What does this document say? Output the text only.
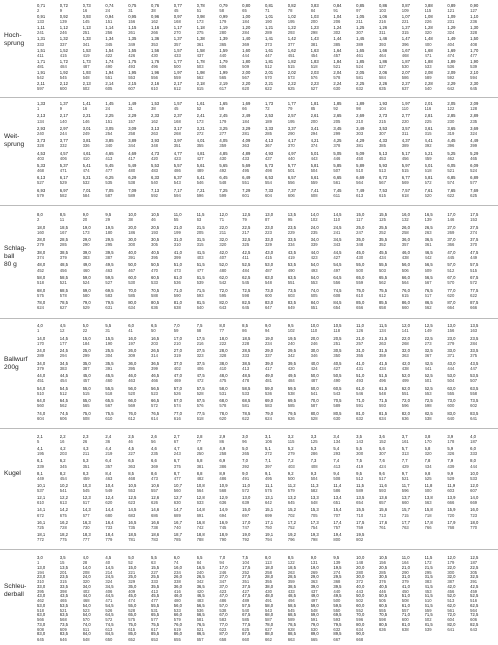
Hoch-
sprung
0,71	0,72	0,73	0,74	0,75	0,76	0,77	0,78	0,79	0,80	0,81	0,82	0,83	0,84	0,85	0,86	0,87	0,88	0,89	0,90
2	9	16	24	31	38	45	51	58	65	71	78	84	91	97	103	109	115	121	127
0,91	0,92	0,93	0,94	0,95	0,96	0,97	0,98	0,99	1,00	1,01	1,02	1,03	1,04	1,05	1,06	1,07	1,08	1,09	1,10
133	139	145	151	156	162	168	173	179	184	190	195	200	206	211	216	221	226	231	236
1,11	1,12	1,13	1,14	1,15	1,16	1,17	1,18	1,19	1,20	1,21	1,22	1,23	1,24	1,25	1,26	1,27	1,28	1,29	1,30
241	246	251	256	261	266	270	275	280	284	289	293	298	302	307	311	315	320	324	328
1,31	1,32	1,33	1,34	1,35	1,36	1,37	1,38	1,39	1,40	1,41	1,42	1,43	1,44	1,45	1,46	1,47	1,48	1,49	1,50
333	337	341	345	349	353	357	361	365	369	373	377	381	385	389	393	396	400	404	408
1,51	1,52	1,53	1,54	1,55	1,56	1,57	1,58	1,59	1,60	1,61	1,62	1,63	1,64	1,65	1,66	1,67	1,68	1,69	1,70
411	415	419	422	426	430	433	437	440	444	447	451	454	457	461	464	468	471	474	477
1,71	1,72	1,73	1,74	1,75	1,76	1,77	1,78	1,79	1,80	1,81	1,82	1,83	1,84	1,85	1,86	1,87	1,88	1,89	1,90
481	484	487	490	493	496	500	503	506	509	512	515	518	521	524	527	530	533	536	539
1,91	1,92	1,93	1,94	1,95	1,96	1,97	1,98	1,99	2,00	2,01	2,02	2,03	2,04	2,05	2,06	2,07	2,08	2,09	2,10
542	545	548	551	553	556	559	562	565	567	570	573	576	578	581	584	586	589	592	594
2,11	2,12	2,13	2,14	2,15	2,16	2,17	2,18	2,19	2,20	2,21	2,22	2,23	2,24	2,25	2,26	2,27	2,28	2,29	2,30
597	600	602	605	607	610	612	615	617	620	622	625	627	630	632	635	637	640	642	645
Weit-
sprung
1,33	1,37	1,41	1,45	1,49	1,53	1,57	1,61	1,65	1,69	1,73	1,77	1,81	1,85	1,89	1,93	1,97	2,01	2,05	2,09
1	9	16	24	31	38	45	52	59	66	72	79	85	92	98	104	110	116	122	128
2,13	2,17	2,21	2,25	2,29	2,33	2,37	2,41	2,45	2,49	2,53	2,57	2,61	2,65	2,69	2,73	2,77	2,81	2,85	2,89
134	140	146	151	157	162	168	173	179	184	189	195	200	205	210	215	220	225	230	235
2,93	2,97	3,01	3,05	3,09	3,13	3,17	3,21	3,25	3,29	3,33	3,37	3,41	3,45	3,49	3,53	3,57	3,61	3,65	3,69
240	244	249	254	258	263	268	272	277	281	285	290	294	299	303	307	311	315	319	324
3,73	3,77	3,81	3,85	3,89	3,93	3,97	4,01	4,05	4,09	4,13	4,17	4,21	4,25	4,29	4,33	4,37	4,41	4,45	4,49
328	332	336	340	344	348	351	355	359	363	367	370	374	378	381	385	389	392	396	399
4,53	4,57	4,61	4,65	4,69	4,73	4,77	4,81	4,85	4,89	4,93	4,97	5,01	5,05	5,09	5,13	5,17	5,21	5,25	5,29
403	406	410	413	417	420	423	427	430	433	437	440	443	446	450	453	456	459	462	465
5,33	5,37	5,41	5,45	5,49	5,53	5,57	5,61	5,65	5,69	5,73	5,77	5,81	5,85	5,89	5,93	5,97	6,01	6,05	6,09
468	471	474	477	480	483	486	489	492	495	498	501	504	507	510	513	515	518	521	524
6,13	6,17	6,21	6,25	6,29	6,33	6,37	6,41	6,45	6,49	6,53	6,57	6,61	6,65	6,69	6,73	6,77	6,81	6,85	6,89
527	529	532	535	538	540	543	546	548	551	554	556	559	561	564	567	569	572	574	577
6,93	6,97	7,01	7,05	7,09	7,13	7,17	7,21	7,25	7,29	7,33	7,37	7,41	7,45	7,49	7,53	7,57	7,61	7,65	7,69
579	582	584	587	589	592	594	596	599	601	604	606	608	611	613	615	618	620	622	625
Schlag-
ball
80 g
8,0	8,5	9,0	9,5	10,0	10,5	11,0	11,5	12,0	12,5	13,0	13,5	14,0	14,5	15,0	15,5	16,0	16,5	17,0	17,5
2	11	20	29	38	46	55	63	71	79	87	95	102	110	117	125	132	139	146	153
18,0	18,5	19,0	19,5	20,0	20,5	21,0	21,5	22,0	22,5	23,0	23,5	24,0	24,5	25,0	25,5	26,0	26,5	27,0	27,5
160	167	173	180	186	193	199	205	211	217	223	229	235	241	247	252	258	263	269	274
28,0	28,5	29,0	29,5	30,0	30,5	31,0	31,5	32,0	32,5	33,0	33,5	34,0	34,5	35,0	35,5	36,0	36,5	37,0	37,5
279	285	290	295	300	305	310	315	320	325	329	334	339	343	348	352	357	361	366	370
38,0	38,5	39,0	39,5	40,0	40,5	41,0	41,5	42,0	42,5	43,0	43,5	44,0	44,5	45,0	45,5	46,0	46,5	47,0	47,5
374	379	383	387	391	395	399	403	407	411	415	419	423	427	430	434	438	442	445	449
48,0	48,5	49,0	49,5	50,0	50,5	51,0	51,5	52,0	52,5	53,0	53,5	54,0	54,5	55,0	55,5	56,0	56,5	57,0	57,5
452	456	460	463	467	470	473	477	480	484	487	490	493	497	500	503	506	509	512	515
58,0	58,5	59,0	59,5	60,0	60,5	61,0	61,5	62,0	62,5	63,0	63,5	64,0	64,5	65,0	65,5	66,0	66,5	67,0	67,5
518	521	524	527	530	533	536	539	542	545	548	551	553	556	559	562	564	567	570	572
68,0	68,5	69,0	69,5	70,0	70,5	71,0	71,5	72,0	72,5	73,0	73,5	74,0	74,5	75,0	75,5	76,0	76,5	77,0	77,5
575	578	580	583	585	588	590	593	595	598	600	603	605	608	610	612	615	617	620	622
78,0	78,5	79,0	79,5	80,0	80,5	81,0	81,5	82,0	82,5	83,0	83,5	84,0	84,5	85,0	85,5	86,0	86,5	87,0	87,5
624	627	629	631	634	636	638	640	643	645	647	649	651	654	656	658	660	662	664	666
Ballwurf
200g
4,0	4,5	5,0	5,5	6,0	6,5	7,0	7,5	8,0	8,5	9,0	9,5	10,0	10,5	11,0	11,5	12,0	12,5	13,0	13,5
1	12	22	31	41	50	59	68	77	86	94	102	110	118	126	134	141	149	156	163
14,0	14,5	15,0	15,5	16,0	16,5	17,0	17,5	18,0	18,5	19,0	19,5	20,0	20,5	21,0	21,5	22,0	22,5	23,0	23,5
170	177	184	190	197	203	210	216	222	228	234	240	246	251	257	263	268	273	279	284
24,0	24,5	25,0	25,5	26,0	26,5	27,0	27,5	28,0	28,5	29,0	29,5	30,0	30,5	31,0	31,5	32,0	32,5	33,0	33,5
289	294	299	304	309	314	319	323	328	333	337	342	346	350	355	359	363	367	371	375
34,0	34,5	35,0	35,5	36,0	36,5	37,0	37,5	38,0	38,5	39,0	39,5	40,0	40,5	41,0	41,5	42,0	42,5	43,0	43,5
379	383	387	391	395	399	402	406	410	413	417	420	424	427	431	434	438	441	444	447
44,0	44,5	45,0	45,5	46,0	46,5	47,0	47,5	48,0	48,5	49,0	49,5	50,0	50,5	51,0	51,5	52,0	52,5	53,0	53,5
451	454	457	460	463	466	469	472	475	478	481	484	487	490	493	496	499	501	504	507
54,0	54,5	55,0	55,5	56,0	56,5	57,0	57,5	58,0	58,5	59,0	59,5	60,0	60,5	61,0	61,5	62,0	62,5	63,0	63,5
510	512	515	518	520	523	526	528	531	533	536	538	541	543	546	548	551	553	555	558
64,0	64,5	65,0	65,5	66,0	66,5	67,0	67,5	68,0	68,5	69,0	69,5	70,0	70,5	71,0	71,5	72,0	72,5	73,0	73,5
560	562	565	567	569	572	574	576	578	581	583	585	587	589	591	593	596	598	600	602
74,0	74,5	75,0	75,5	76,0	76,5	77,0	77,5	78,0	78,5	79,0	79,5	80,0	80,5	81,0	81,5	82,0	82,5	83,0	83,5
604	606	608	610	612	614	616	618	620	622	624	626	628	630	632	634	636	638	640	641
Kugel
2,1	2,2	2,3	2,4	2,5	2,6	2,7	2,8	2,9	3,0	3,1	3,2	3,3	3,4	3,5	3,6	3,7	3,8	3,9	4,0
5	16	26	36	46	56	67	77	86	96	106	115	125	134	143	152	161	170	178	187
4,1	4,2	4,3	4,4	4,5	4,6	4,7	4,8	4,9	5,0	5,1	5,2	5,3	5,4	5,5	5,6	5,7	5,8	5,9	6,0
195	203	211	219	227	235	243	250	258	265	272	279	286	293	300	307	313	320	326	333
6,1	6,2	6,3	6,4	6,5	6,6	6,7	6,8	6,9	7,0	7,1	7,2	7,3	7,4	7,5	7,6	7,7	7,8	7,9	8,0
339	345	351	357	363	369	375	381	386	392	397	403	408	413	419	424	429	434	439	444
8,1	8,2	8,3	8,4	8,5	8,6	8,7	8,8	8,9	9,0	9,1	9,2	9,3	9,4	9,5	9,6	9,7	9,8	9,9	10,0
449	454	459	463	468	473	477	482	486	491	495	500	504	508	512	517	521	525	529	533
10,1	10,2	10,3	10,4	10,5	10,6	10,7	10,8	10,9	11,0	11,1	11,2	11,3	11,4	11,5	11,6	11,7	11,8	11,9	12,0
537	541	545	549	553	557	560	564	568	572	575	579	582	586	589	593	596	600	603	607
12,1	12,2	12,3	12,4	12,5	12,6	12,7	12,8	12,9	13,0	13,1	13,2	13,3	13,4	13,5	13,6	13,7	13,8	13,9	14,0
610	613	617	620	623	626	630	633	636	639	642	645	648	651	654	657	660	663	666	669
14,1	14,2	14,3	14,4	14,5	14,6	14,7	14,8	14,9	15,0	15,1	15,2	15,3	15,4	15,5	15,6	15,7	15,8	15,9	16,0
672	675	677	680	683	686	689	691	694	697	699	702	705	707	710	713	715	718	720	723
16,1	16,2	16,3	16,4	16,5	16,6	16,7	16,8	16,9	17,0	17,1	17,2	17,3	17,4	17,5	17,6	17,7	17,8	17,9	18,0
725	728	730	733	735	738	740	742	745	747	750	752	754	757	759	761	763	766	768	770
18,1	18,2	18,3	18,4	18,5	18,6	18,7	18,8	18,9	19,0	19,1	19,2	19,3	19,4	19,5
772	775	777	779	781	783	785	788	790	792	794	796	798	800	802
Schleu-
derball
3,0	3,5	4,0	4,5	5,0	5,5	6,0	6,5	7,0	7,5	8,0	8,5	9,0	9,5	10,0	10,5	11,0	11,5	12,0	12,5
1	15	28	40	52	63	74	84	94	104	113	122	131	139	148	156	164	172	179	187
13,0	13,5	14,0	14,5	15,0	15,5	16,0	16,5	17,0	17,5	18,0	18,5	19,0	19,5	20,0	20,5	21,0	21,5	22,0	22,5
194	201	208	214	221	227	234	240	246	252	258	263	269	274	280	285	290	295	300	305
23,0	23,5	24,0	24,5	25,0	25,5	26,0	26,5	27,0	27,5	28,0	28,5	29,0	29,5	30,0	30,5	31,0	31,5	32,0	32,5
310	315	320	324	329	333	338	342	347	351	355	359	363	368	372	376	379	383	387	391
33,0	33,5	34,0	34,5	35,0	35,5	36,0	36,5	37,0	37,5	38,0	38,5	39,0	39,5	40,0	40,5	41,0	41,5	42,0	42,5
395	398	402	406	409	413	416	420	423	427	430	433	437	440	443	446	450	453	456	459
43,0	43,5	44,0	44,5	45,0	45,5	46,0	46,5	47,0	47,5	48,0	48,5	49,0	49,5	50,0	50,5	51,0	51,5	52,0	52,5
462	465	468	471	474	477	480	483	486	489	491	494	497	500	502	505	508	510	513	516
53,0	53,5	54,0	54,5	55,0	55,5	56,0	56,5	57,0	57,5	58,0	58,5	59,0	59,5	60,0	60,5	61,0	61,5	62,0	62,5
518	521	523	526	528	531	533	536	538	540	543	545	548	550	552	555	557	559	561	564
63,0	63,5	64,0	64,5	65,0	65,5	66,0	66,5	67,0	67,5	68,0	68,5	69,0	69,5	70,0	70,5	71,0	71,5	72,0	72,5
566	568	570	572	575	577	579	581	583	585	587	589	591	593	596	598	600	602	604	606
73,0	73,5	74,0	74,5	75,0	75,5	76,0	76,5	77,0	77,5	78,0	78,5	79,0	79,5	80,0	80,5	81,0	81,5	82,0	82,5
608	609	611	613	615	617	619	621	623	625	627	628	630	632	634	636	638	639	641	643
83,0	83,5	84,0	84,5	85,0	85,5	86,0	86,5	87,0	87,5	88,0	88,5	89,0	89,5	90,0
645	646	648	650	652	653	655	657	658	660	662	663	665	667	668
